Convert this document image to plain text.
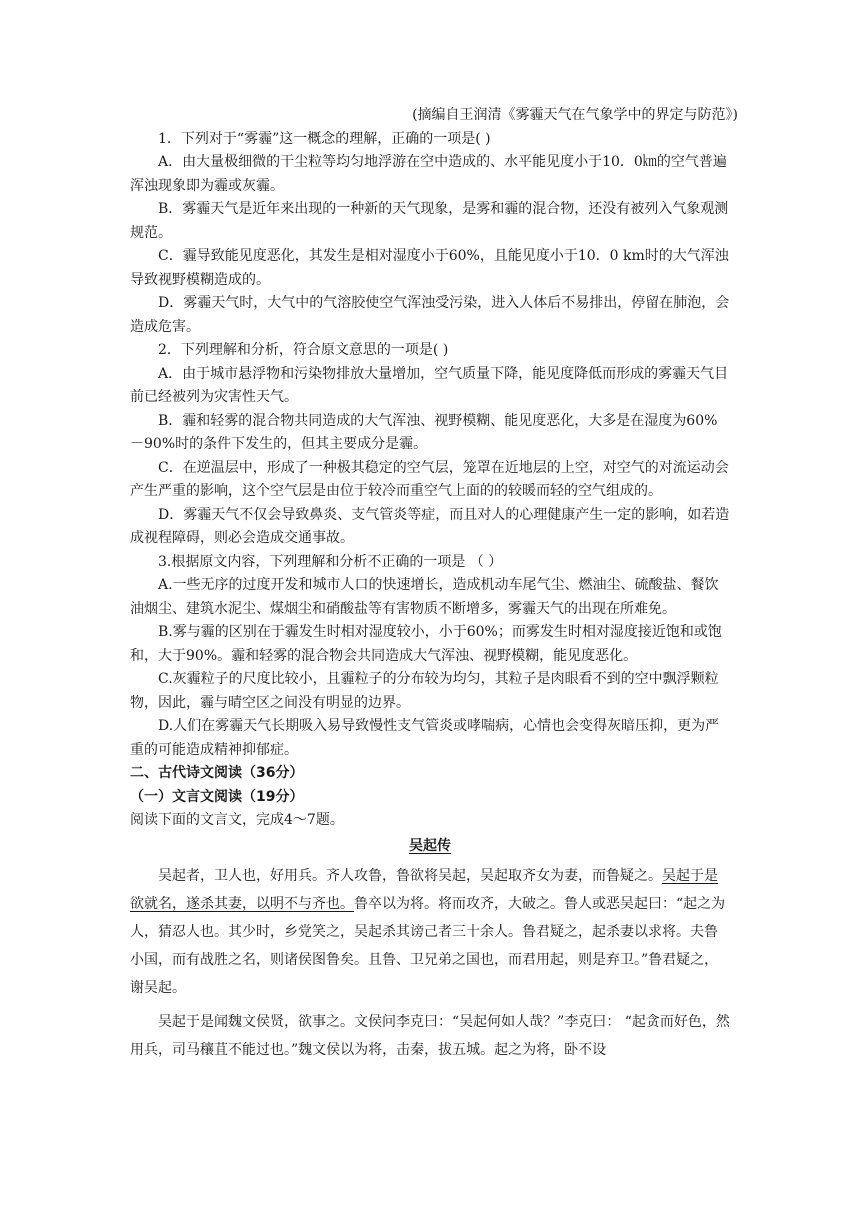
(摘编自王润清《雾霾天气在气象学中的界定与防范》)

1．下列对于“雾霾”这一概念的理解，正确的一项是( )

A．由大量极细微的干尘粒等均匀地浮游在空中造成的、水平能见度小于10．0㎞的空气普遍浑浊现象即为霾或灰霾。

B．雾霾天气是近年来出现的一种新的天气现象，是雾和霾的混合物，还没有被列入气象观测规范。

C．霾导致能见度恶化，其发生是相对湿度小于60%，且能见度小于10．0 km时的大气浑浊导致视野模糊造成的。

D．雾霾天气时，大气中的气溶胶使空气浑浊受污染，进入人体后不易排出，停留在肺泡，会造成危害。

2．下列理解和分析，符合原文意思的一项是( )

A．由于城市悬浮物和污染物排放大量增加，空气质量下降，能见度降低而形成的雾霾天气目前已经被列为灾害性天气。

B．霾和轻雾的混合物共同造成的大气浑浊、视野模糊、能见度恶化，大多是在湿度为60%－90%时的条件下发生的，但其主要成分是霾。

C．在逆温层中，形成了一种极其稳定的空气层，笼罩在近地层的上空，对空气的对流运动会产生严重的影响，这个空气层是由位于较冷而重空气上面的的较暖而轻的空气组成的。

D．雾霾天气不仅会导致鼻炎、支气管炎等症，而且对人的心理健康产生一定的影响，如若造成视程障碍，则必会造成交通事故。

3.根据原文内容，下列理解和分析不正确的一项是 （ ）

A.一些无序的过度开发和城市人口的快速增长，造成机动车尾气尘、燃油尘、硫酸盐、餐饮油烟尘、建筑水泥尘、煤烟尘和硝酸盐等有害物质不断增多，雾霾天气的出现在所难免。

B.雾与霾的区别在于霾发生时相对湿度较小，小于60%；而雾发生时相对湿度接近饱和或饱和，大于90%。霾和轻雾的混合物会共同造成大气浑浊、视野模糊，能见度恶化。

C.灰霾粒子的尺度比较小，且霾粒子的分布较为均匀，其粒子是肉眼看不到的空中飘浮颗粒物，因此，霾与晴空区之间没有明显的边界。

D.人们在雾霾天气长期吸入易导致慢性支气管炎或哮喘病，心情也会变得灰暗压抑，更为严重的可能造成精神抑郁症。

二、古代诗文阅读（36分）

（一）文言文阅读（19分）

阅读下面的文言文，完成4～7题。

吴起传

吴起者，卫人也，好用兵。齐人攻鲁，鲁欲将吴起，吴起取齐女为妻，而鲁疑之。吴起于是欲就名，遂杀其妻，以明不与齐也。鲁卒以为将。将而攻齐，大破之。鲁人或恶吴起曰：“起之为人，猜忍人也。其少时，乡党笑之，吴起杀其谤己者三十余人。鲁君疑之，起杀妻以求将。夫鲁小国，而有战胜之名，则诸侯图鲁矣。且鲁、卫兄弟之国也，而君用起，则是弃卫。”鲁君疑之，谢吴起。

吴起于是闻魏文侯贤，欲事之。文侯问李克曰：“吴起何如人哉？”李克曰： “起贪而好色，然用兵，司马穰苴不能过也。”魏文侯以为将，击秦，拔五城。起之为将，卧不设
